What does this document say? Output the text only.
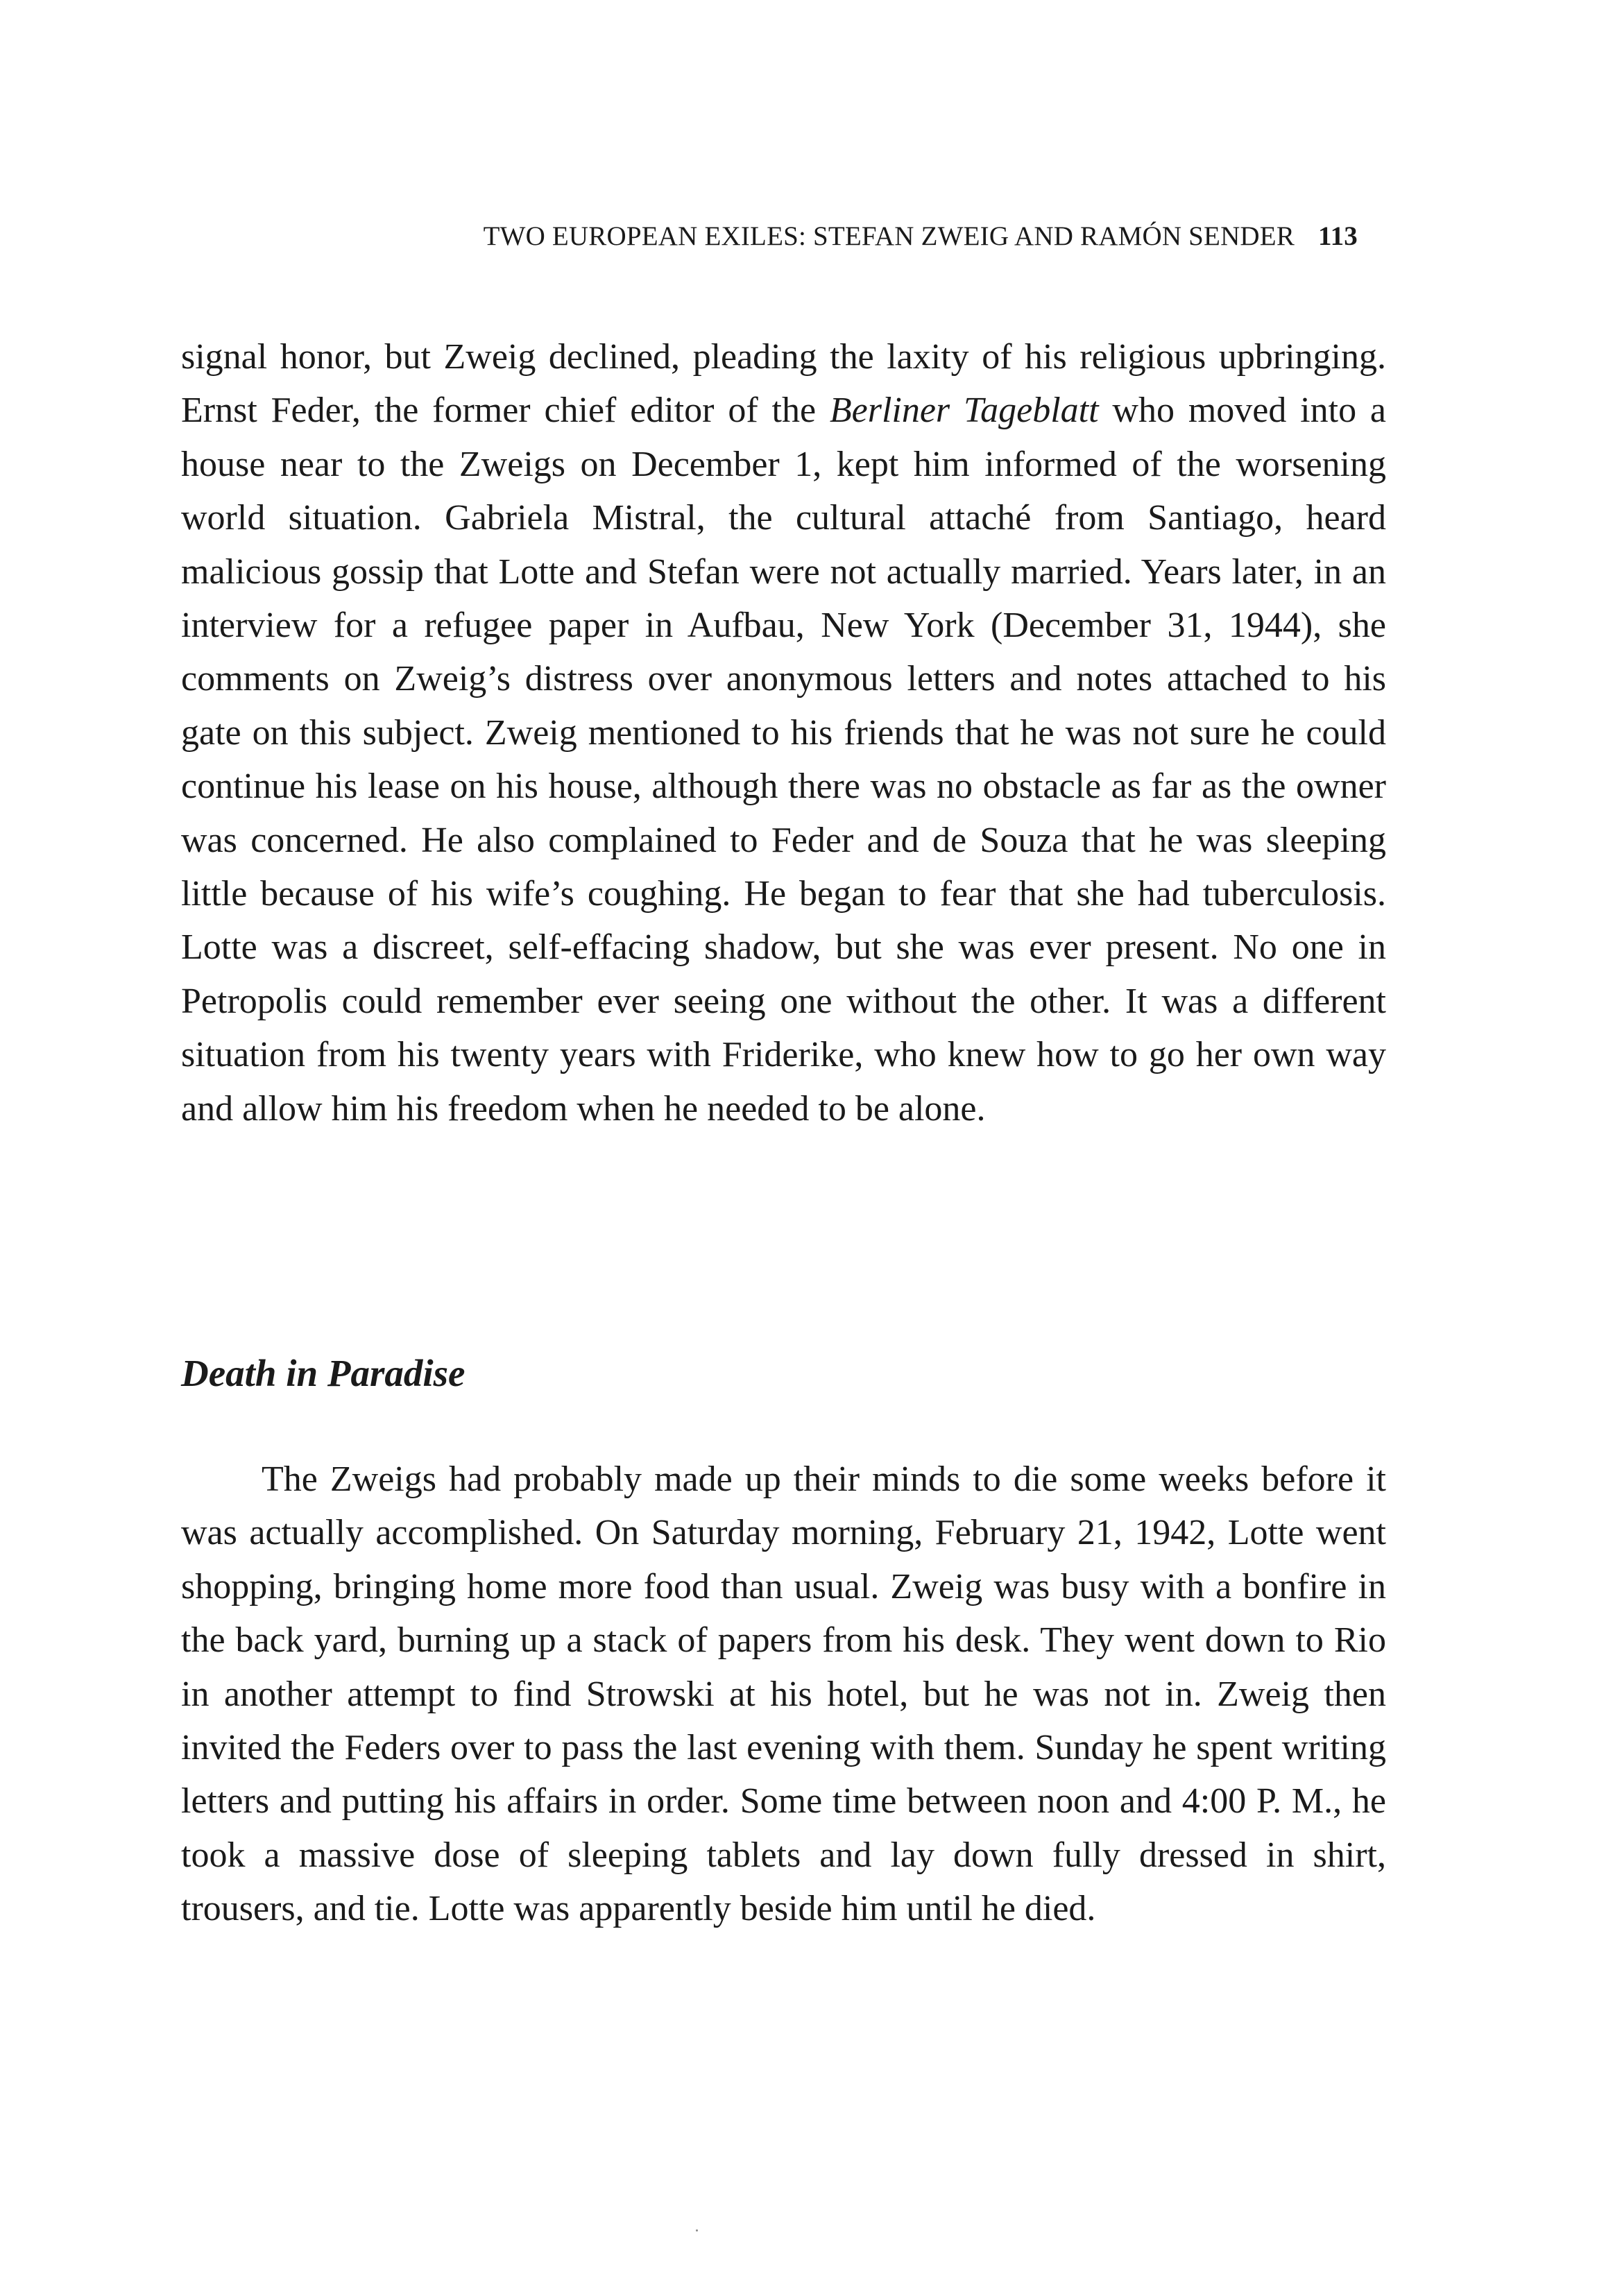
TWO EUROPEAN EXILES: STEFAN ZWEIG AND RAMÓN SENDER 113

signal honor, but Zweig declined, pleading the laxity of his religious upbringing. Ernst Feder, the former chief editor of the Berliner Tageblatt who moved into a house near to the Zweigs on December 1, kept him informed of the worsening world situation. Gabriela Mistral, the cultural attaché from Santiago, heard malicious gossip that Lotte and Stefan were not actually married. Years later, in an interview for a refugee paper in Aufbau, New York (December 31, 1944), she comments on Zweig’s distress over anonymous letters and notes attached to his gate on this subject. Zweig mentioned to his friends that he was not sure he could continue his lease on his house, although there was no obstacle as far as the owner was concerned. He also complained to Feder and de Souza that he was sleeping little because of his wife’s coughing. He began to fear that she had tuberculosis. Lotte was a discreet, self-effacing shadow, but she was ever present. No one in Petropolis could remember ever seeing one without the other. It was a different situation from his twenty years with Friderike, who knew how to go her own way and allow him his freedom when he needed to be alone.

Death in Paradise

The Zweigs had probably made up their minds to die some weeks before it was actually accomplished. On Saturday morning, February 21, 1942, Lotte went shopping, bringing home more food than usual. Zweig was busy with a bonfire in the back yard, burning up a stack of papers from his desk. They went down to Rio in another attempt to find Strowski at his hotel, but he was not in. Zweig then invited the Feders over to pass the last evening with them. Sunday he spent writing letters and putting his affairs in order. Some time between noon and 4:00 P. M., he took a massive dose of sleeping tablets and lay down fully dressed in shirt, trousers, and tie. Lotte was apparently beside him until he died.
